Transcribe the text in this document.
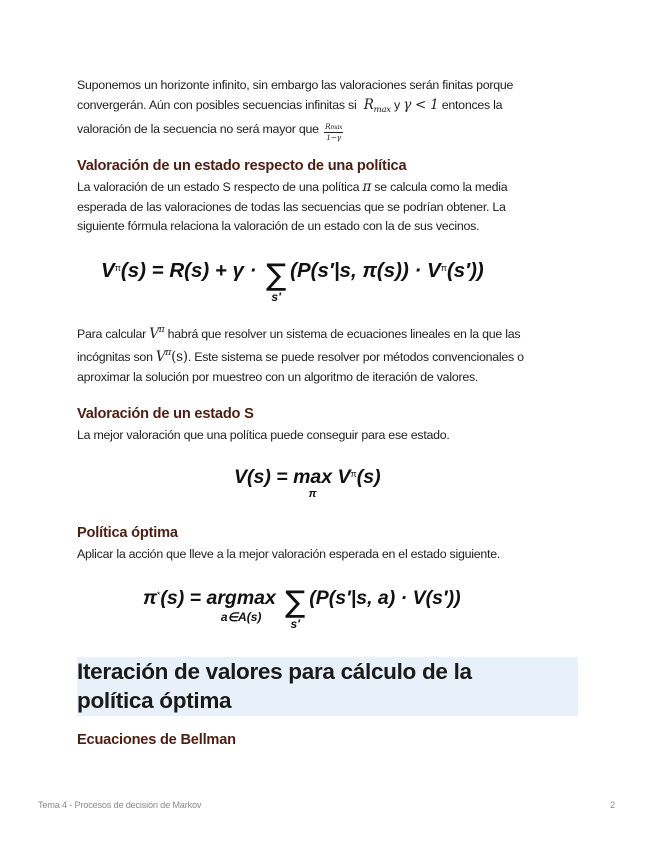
Suponemos un horizonte infinito, sin embargo las valoraciones serán finitas porque

convergerán. Aún con posibles secuencias infinitas si $R_{max}$ y γ < 1 entonces la

valoración de la secuencia no será mayor que $\frac{Rmax}{1-\gamma}$

Valoración de un estado respecto de una política

La valoración de un estado S respecto de una política π se calcula como la media

esperada de las valoraciones de todas las secuencias que se podrían obtener. La

siguiente fórmula relaciona la valoración de un estado con la de sus vecinos.

$V^\pi(s) = R(s) + \gamma$ · ∑
s′
(P(s′|s, $\pi(s)) \cdot V^\pi(s')$)

Para calcular $V^\pi$ habrá que resolver un sistema de ecuaciones lineales en la que las

incógnitas son $V^\pi(s)$. Este sistema se puede resolver por métodos convencionales o

aproximar la solución por muestreo con un algoritmo de iteración de valores.

Valoración de un estado S

La mejor valoración que una política puede conseguir para ese estado.

V(s) = max
π
$V^\pi(s)$
Política óptima

Aplicar la acción que lleve a la mejor valoración esperada en el estado siguiente.

π*(s) = argmax
a∈A(s) ∑
s′
(P(s′|s, a) · V(s′))
Iteración de valores para cálculo de la
política óptima
Ecuaciones de Bellman
Tema 4 - Procesos de decisión de Markov	2
